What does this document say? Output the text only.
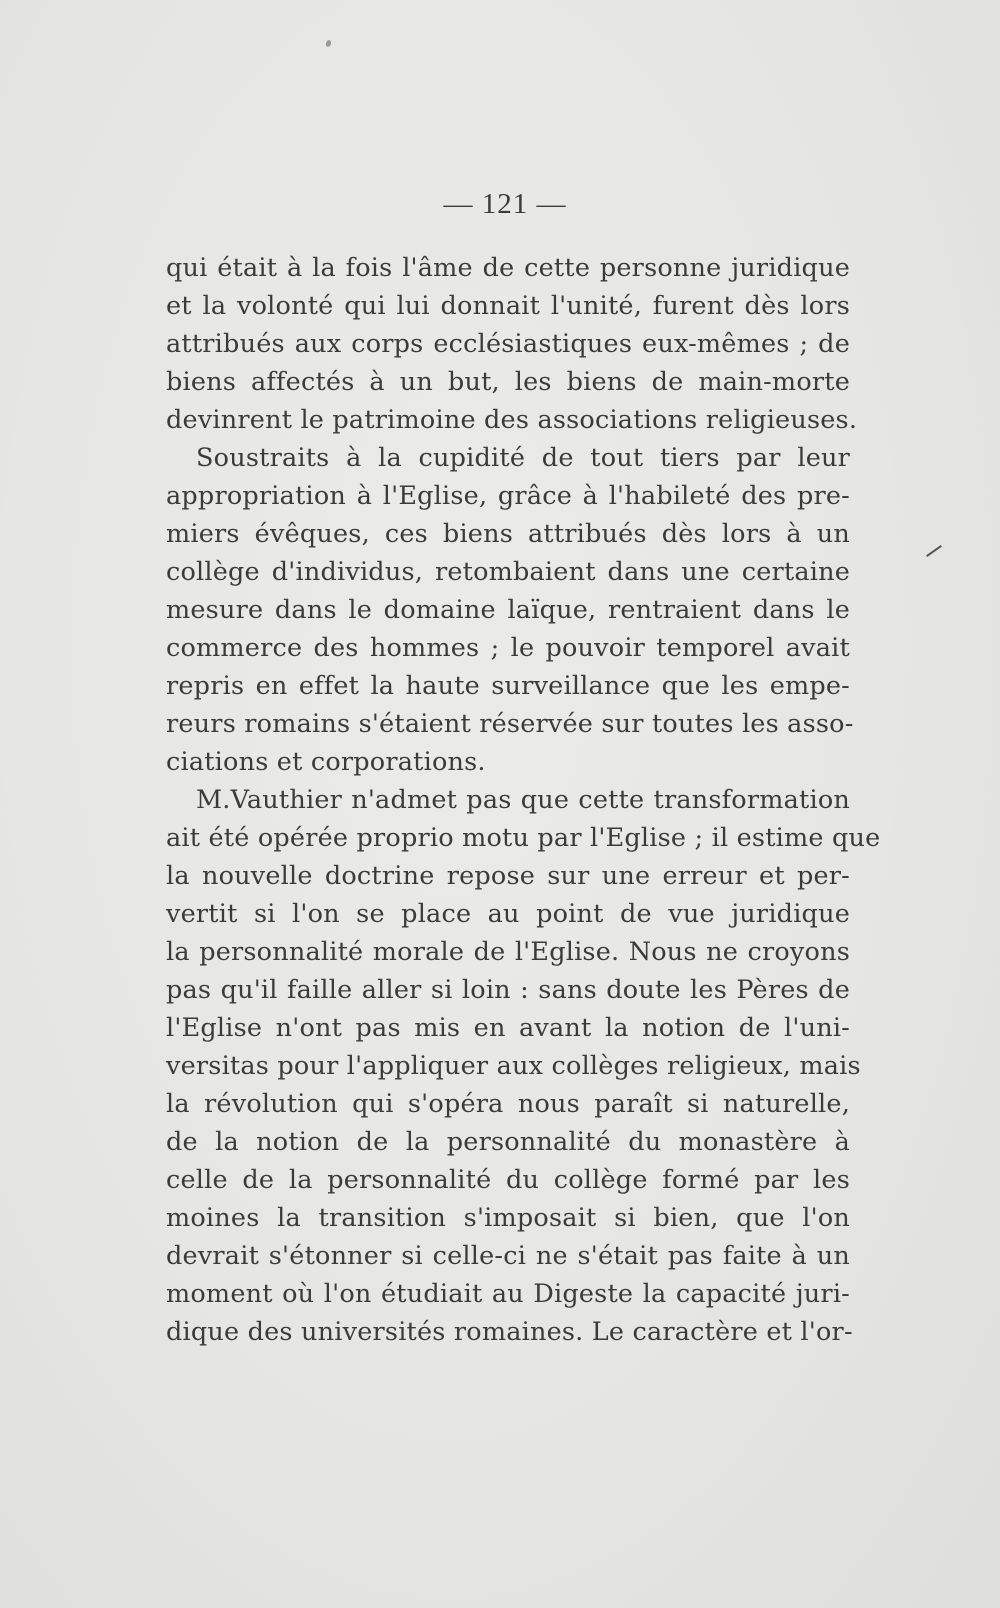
— 121 —
qui était à la fois l'âme de cette personne juridique
et la volonté qui lui donnait l'unité, furent dès lors
attribués aux corps ecclésiastiques eux-mêmes ; de
biens affectés à un but, les biens de main-morte
devinrent le patrimoine des associations religieuses.
Soustraits à la cupidité de tout tiers par leur
appropriation à l'Eglise, grâce à l'habileté des pre-
miers évêques, ces biens attribués dès lors à un
collège d'individus, retombaient dans une certaine
mesure dans le domaine laïque, rentraient dans le
commerce des hommes ; le pouvoir temporel avait
repris en effet la haute surveillance que les empe-
reurs romains s'étaient réservée sur toutes les asso-
ciations et corporations.
M.Vauthier n'admet pas que cette transformation
ait été opérée proprio motu par l'Eglise ; il estime que
la nouvelle doctrine repose sur une erreur et per-
vertit si l'on se place au point de vue juridique
la personnalité morale de l'Eglise. Nous ne croyons
pas qu'il faille aller si loin : sans doute les Pères de
l'Eglise n'ont pas mis en avant la notion de l'uni-
versitas pour l'appliquer aux collèges religieux, mais
la révolution qui s'opéra nous paraît si naturelle,
de la notion de la personnalité du monastère à
celle de la personnalité du collège formé par les
moines la transition s'imposait si bien, que l'on
devrait s'étonner si celle-ci ne s'était pas faite à un
moment où l'on étudiait au Digeste la capacité juri-
dique des universités romaines. Le caractère et l'or-
